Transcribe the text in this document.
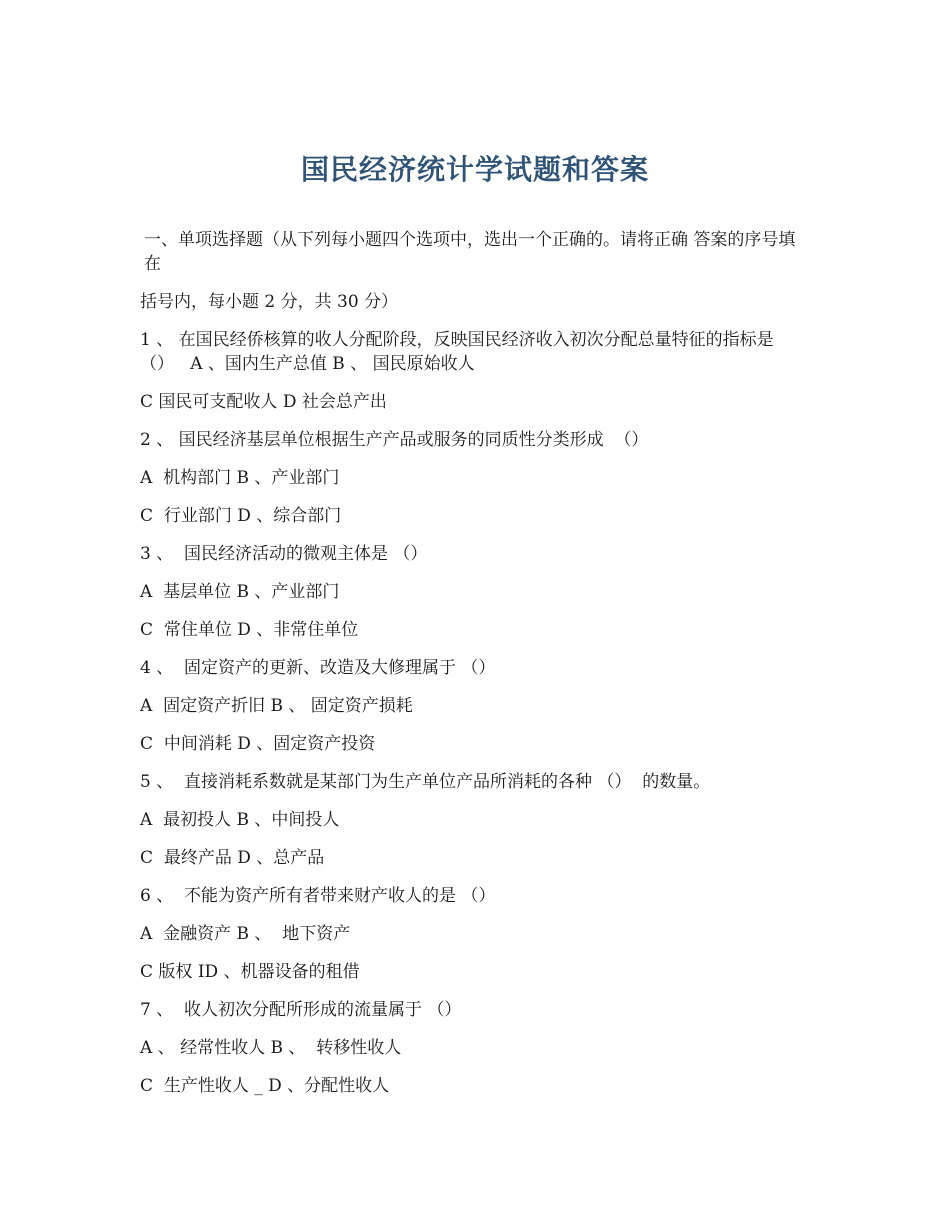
国民经济统计学试题和答案

一、单项选择题（从下列每小题四个选项中，选出一个正确的。请将正确 答案的序号填在

括号内，每小题 2 分，共 30 分）

1 、 在国民经侨核算的收人分配阶段，反映国民经济收入初次分配总量特征的指标是 （）   A 、国内生产总值 B 、 国民原始收人

C 国民可支配收人 D 社会总产出

2 、 国民经济基层单位根据生产产品或服务的同质性分类形成  （）

A  机构部门 B 、产业部门

C  行业部门 D 、综合部门

3 、  国民经济活动的微观主体是 （）

A  基层单位 B 、产业部门

C  常住单位 D 、非常住单位

4 、  固定资产的更新、改造及大修理属于 （）

A  固定资产折旧 B 、 固定资产损耗

C  中间消耗 D 、固定资产投资

5 、  直接消耗系数就是某部门为生产单位产品所消耗的各种 （）  的数量。

A  最初投人 B 、中间投人

C  最终产品 D 、总产品

6 、  不能为资产所有者带来财产收人的是 （）

A  金融资产 B 、  地下资产

C 版权 ID 、机器设备的租借

7 、  收人初次分配所形成的流量属于 （）

A 、 经常性收人 B 、  转移性收人

C  生产性收人 _ D 、分配性收人
